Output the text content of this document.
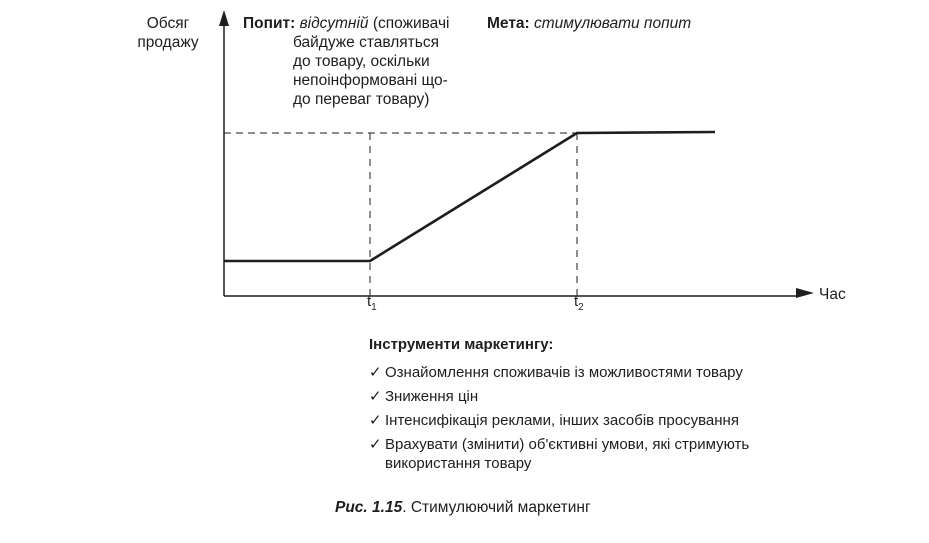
Обсяг
продажу
Попит: відсутній (споживачі
байдуже ставляться
до товару, оскільки
непоінформовані що-
до переваг товару)
Мета: стимулювати попит
Час
$t_1$	$t_2$
Інструменти маркетингу:
✓ Ознайомлення споживачів із можливостями товару
✓ Зниження цін
✓ Інтенсифікація реклами, інших засобів просування
✓ Врахувати (змінити) об'єктивні умови, які стримують використання товару
Рис. 1.15. Стимулюючий маркетинг
